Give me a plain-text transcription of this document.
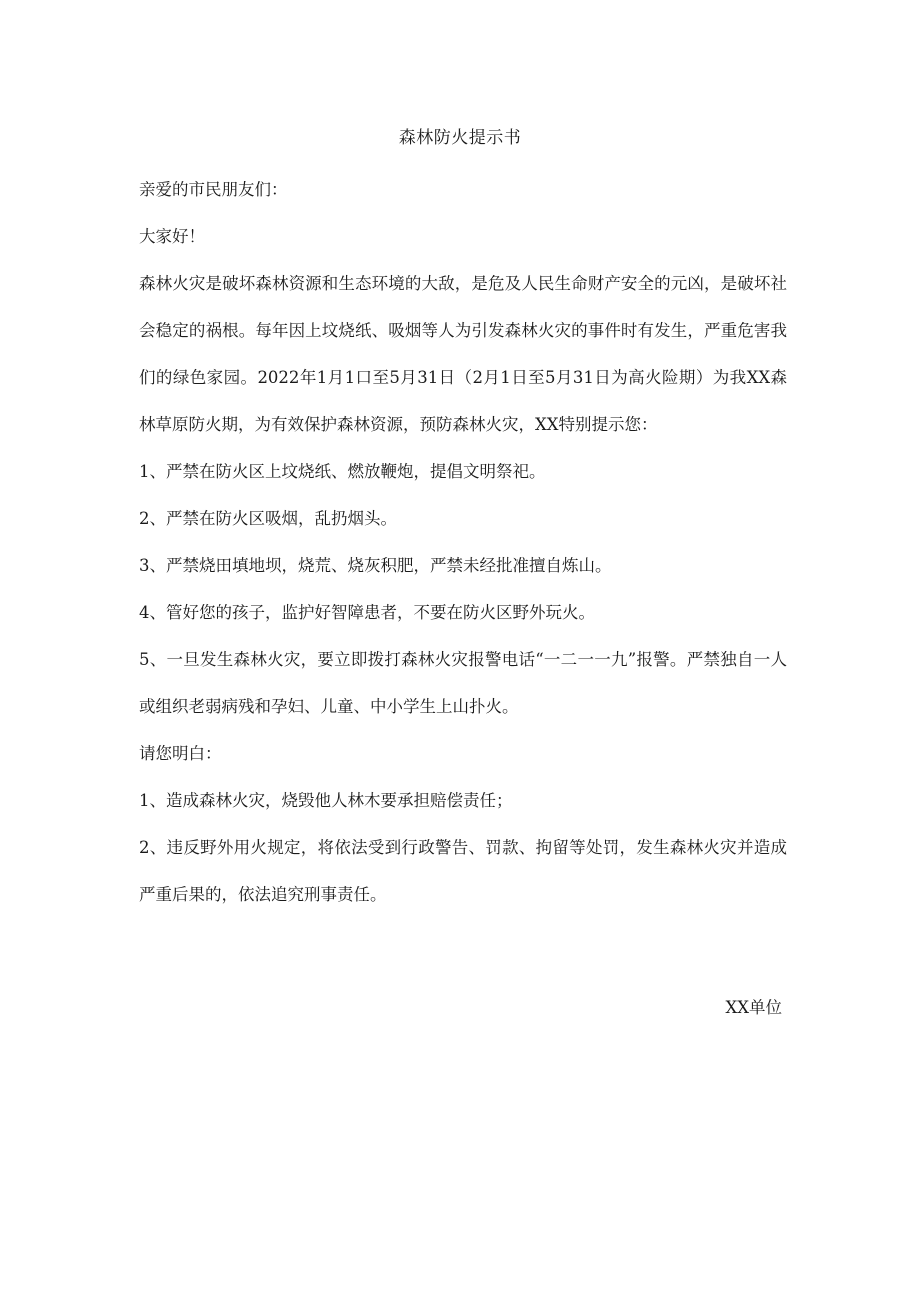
森林防火提示书

亲爱的市民朋友们：

大家好！

森林火灾是破坏森林资源和生态环境的大敌，是危及人民生命财产安全的元凶，是破坏社会稳定的祸根。每年因上坟烧纸、吸烟等人为引发森林火灾的事件时有发生，严重危害我们的绿色家园。2022年1月1口至5月31日（2月1日至5月31日为高火险期）为我XX森林草原防火期，为有效保护森林资源，预防森林火灾，XX特别提示您：

1、严禁在防火区上坟烧纸、燃放鞭炮，提倡文明祭祀。

2、严禁在防火区吸烟，乱扔烟头。

3、严禁烧田填地坝，烧荒、烧灰积肥，严禁未经批准擅自炼山。

4、管好您的孩子，监护好智障患者，不要在防火区野外玩火。

5、一旦发生森林火灾，要立即拨打森林火灾报警电话“一二一一九”报警。严禁独自一人或组织老弱病残和孕妇、儿童、中小学生上山扑火。

请您明白：

1、造成森林火灾，烧毁他人林木要承担赔偿责任；

2、违反野外用火规定，将依法受到行政警告、罚款、拘留等处罚，发生森林火灾并造成严重后果的，依法追究刑事责任。

XX单位
